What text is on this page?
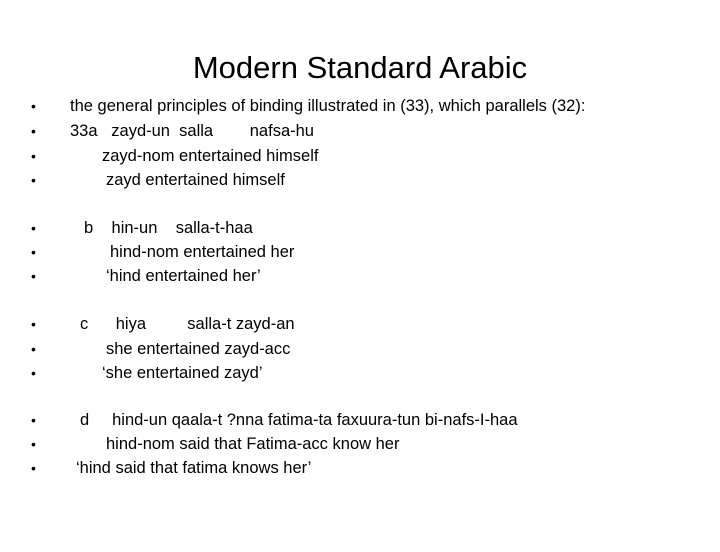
Modern Standard Arabic

•

the general principles of binding illustrated in (33), which parallels (32):

•

33a   zayd-un  salla        nafsa-hu

•

	zayd-nom entertained himself

•

	zayd entertained himself

•

	b    hin-un    salla-t-haa

•

	hind-nom entertained her

•

	‘hind entertained her’

•

	c      hiya         salla-t zayd-an

•

	she entertained zayd-acc

•

	‘she entertained zayd’

•

	d     hind-un qaala-t ?nna fatima-ta faxuura-tun bi-nafs-I-haa

•

	hind-nom said that Fatima-acc know her

•

‘hind said that fatima knows her’
